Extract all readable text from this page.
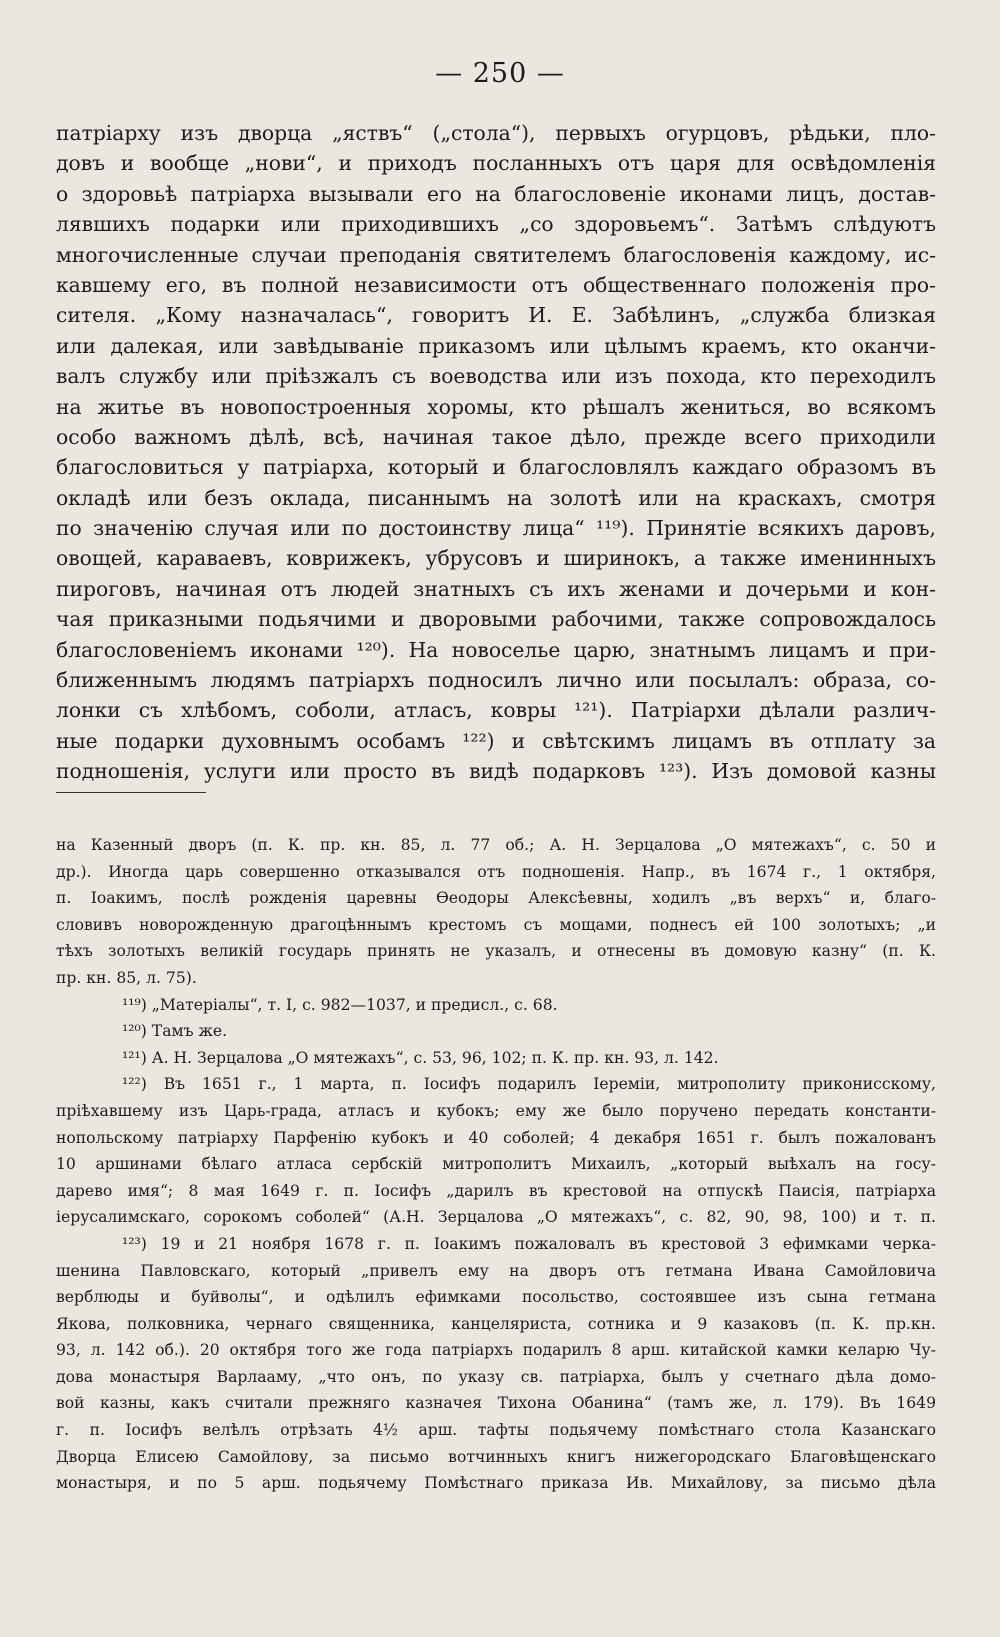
— 250 —
патріарху изъ дворца „яствъ“ („стола“), первыхъ огурцовъ, рѣдьки, пло-
довъ и вообще „нови“, и приходъ посланныхъ отъ царя для освѣдомленія
о здоровьѣ патріарха вызывали его на благословеніе иконами лицъ, достав-
лявшихъ подарки или приходившихъ „со здоровьемъ“. Затѣмъ слѣдуютъ
многочисленные случаи преподанія святителемъ благословенія каждому, ис-
кавшему его, въ полной независимости отъ общественнаго положенія про-
сителя. „Кому назначалась“, говоритъ И. Е. Забѣлинъ, „служба близкая
или далекая, или завѣдываніе приказомъ или цѣлымъ краемъ, кто оканчи-
валъ службу или пріѣзжалъ съ воеводства или изъ похода, кто переходилъ
на житье въ новопостроенныя хоромы, кто рѣшалъ жениться, во всякомъ
особо важномъ дѣлѣ, всѣ, начиная такое дѣло, прежде всего приходили
благословиться у патріарха, который и благословлялъ каждаго образомъ въ
окладѣ или безъ оклада, писаннымъ на золотѣ или на краскахъ, смотря
по значенію случая или по достоинству лица“ ¹¹⁹). Принятіе всякихъ даровъ,
овощей, караваевъ, коврижекъ, убрусовъ и ширинокъ, а также именинныхъ
пироговъ, начиная отъ людей знатныхъ съ ихъ женами и дочерьми и кон-
чая приказными подьячими и дворовыми рабочими, также сопровождалось
благословеніемъ иконами ¹²⁰). На новоселье царю, знатнымъ лицамъ и при-
ближеннымъ людямъ патріархъ подносилъ лично или посылалъ: образа, со-
лонки съ хлѣбомъ, соболи, атласъ, ковры ¹²¹). Патріархи дѣлали различ-
ные подарки духовнымъ особамъ ¹²²) и свѣтскимъ лицамъ въ отплату за
подношенія, услуги или просто въ видѣ подарковъ ¹²³). Изъ домовой казны
на Казенный дворъ (п. К. пр. кн. 85, л. 77 об.; А. Н. Зерцалова „О мятежахъ“, с. 50 и
др.). Иногда царь совершенно отказывался отъ подношенія. Напр., въ 1674 г., 1 октября,
п. Іоакимъ, послѣ рожденія царевны Ѳеодоры Алексѣевны, ходилъ „въ верхъ“ и, благо-
словивъ новорожденную драгоцѣннымъ крестомъ съ мощами, поднесъ ей 100 золотыхъ; „и
тѣхъ золотыхъ великій государь принять не указалъ, и отнесены въ домовую казну“ (п. К.
пр. кн. 85, л. 75).
¹¹⁹) „Матеріалы“, т. I, с. 982—1037, и предисл., с. 68.
¹²⁰) Тамъ же.
¹²¹) А. Н. Зерцалова „О мятежахъ“, с. 53, 96, 102; п. К. пр. кн. 93, л. 142.
¹²²) Въ 1651 г., 1 марта, п. Іосифъ подарилъ Іереміи, митрополиту приконисскому,
пріѣхавшему изъ Царь-града, атласъ и кубокъ; ему же было поручено передать константи-
нопольскому патріарху Парфенію кубокъ и 40 соболей; 4 декабря 1651 г. былъ пожалованъ
10 аршинами бѣлаго атласа сербскій митрополитъ Михаилъ, „который выѣхалъ на госу-
дарево имя“; 8 мая 1649 г. п. Іосифъ „дарилъ въ крестовой на отпускѣ Паисія, патріарха
іерусалимскаго, сорокомъ соболей“ (А.Н. Зерцалова „О мятежахъ“, с. 82, 90, 98, 100) и т. п.
¹²³) 19 и 21 ноября 1678 г. п. Іоакимъ пожаловалъ въ крестовой 3 ефимками черка-
шенина Павловскаго, который „привелъ ему на дворъ отъ гетмана Ивана Самойловича
верблюды и буйволы“, и одѣлилъ ефимками посольство, состоявшее изъ сына гетмана
Якова, полковника, чернаго священника, канцеляриста, сотника и 9 казаковъ (п. К. пр.кн.
93, л. 142 об.). 20 октября того же года патріархъ подарилъ 8 арш. китайской камки келарю Чу-
дова монастыря Варлааму, „что онъ, по указу св. патріарха, былъ у счетнаго дѣла домо-
вой казны, какъ считали прежняго казначея Тихона Обанина“ (тамъ же, л. 179). Въ 1649
г. п. Іосифъ велѣлъ отрѣзать 4½ арш. тафты подьячему помѣстнаго стола Казанскаго
Дворца Елисею Самойлову, за письмо вотчинныхъ книгъ нижегородскаго Благовѣщенскаго
монастыря, и по 5 арш. подьячему Помѣстнаго приказа Ив. Михайлову, за письмо дѣла
